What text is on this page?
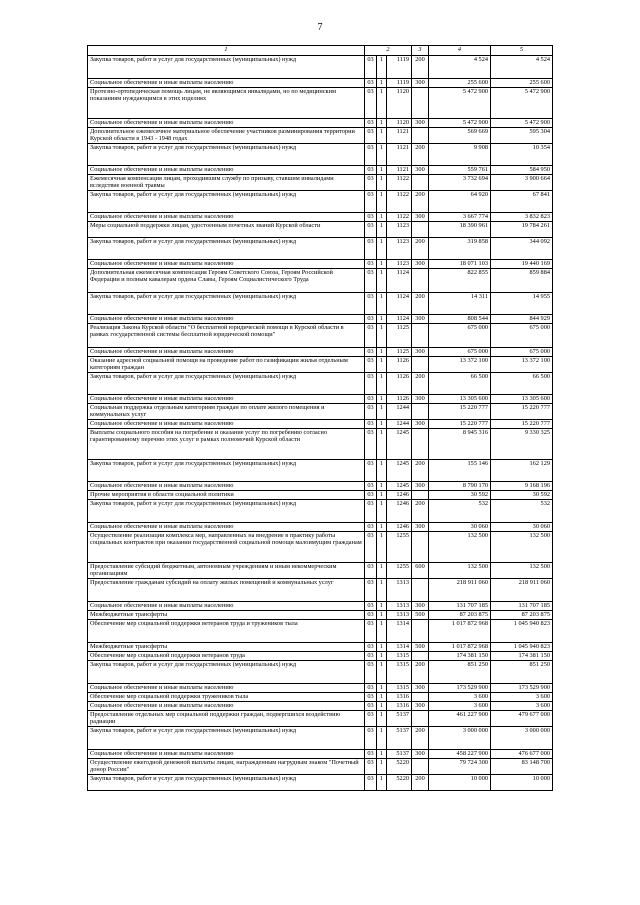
7
1	2			3	4	5
Закупка товаров, работ и услуг для государственных (муниципальных) нужд	03	1	1119	200	4 524	4 524
Социальное обеспечение и иные выплаты населению	03	1	1119	300	255 600	255 600
Протезно-ортопедическая помощь лицам, не являющимся инвалидами, но по медицинским показаниям нуждающимся в этих изделиях	03	1	1120		5 472 900	5 472 900
Социальное обеспечение и иные выплаты населению	03	1	1120	300	5 472 900	5 472 900
Дополнительное ежемесячное материальное обеспечение участников разминирования территории Курской области в 1943 - 1948 годах	03	1	1121		569 669	595 304
Закупка товаров, работ и услуг для государственных (муниципальных) нужд	03	1	1121	200	9 908	10 354
Социальное обеспечение и иные выплаты населению	03	1	1121	300	559 761	584 950
Ежемесячная компенсация лицам, проходившим службу по призыву, ставшим инвалидами вследствие военной травмы	03	1	1122		3 732 694	3 900 664
Закупка товаров, работ и услуг для государственных (муниципальных) нужд	03	1	1122	200	64 920	67 841
Социальное обеспечение и иные выплаты населению	03	1	1122	300	3 667 774	3 832 823
Меры социальной поддержки лицам, удостоенным почетных званий Курской области	03	1	1123		18 390 961	19 784 261
Закупка товаров, работ и услуг для государственных (муниципальных) нужд	03	1	1123	200	319 858	344 092
Социальное обеспечение и иные выплаты населению	03	1	1123	300	18 071 103	19 440 169
Дополнительная ежемесячная компенсация Героям Советского Союза, Героям Российской Федерации и полным кавалерам ордена Славы, Героям Социалистического Труда	03	1	1124		822 855	859 884
Закупка товаров, работ и услуг для государственных (муниципальных) нужд	03	1	1124	200	14 311	14 955
Социальное обеспечение и иные выплаты населению	03	1	1124	300	808 544	844 929
Реализация Закона Курской области "О бесплатной юридической помощи в Курской области в рамках государственной системы бесплатной юридической помощи"	03	1	1125		675 000	675 000
Социальное обеспечение и иные выплаты населению	03	1	1125	300	675 000	675 000
Оказание адресной социальной помощи на проведение работ по газификации жилья отдельным категориям граждан	03	1	1126		13 372 100	13 372 100
Закупка товаров, работ и услуг для государственных (муниципальных) нужд	03	1	1126	200	66 500	66 500
Социальное обеспечение и иные выплаты населению	03	1	1126	300	13 305 600	13 305 600
Социальная поддержка отдельным категориям граждан по оплате жилого помещения и коммунальных услуг	03	1	1244		15 220 777	15 220 777
Социальное обеспечение и иные выплаты населению	03	1	1244	300	15 220 777	15 220 777
Выплаты социального пособия на погребение и оказание услуг по погребению согласно гарантированному перечню этих услуг в рамках полномочий Курской области	03	1	1245		8 945 316	9 330 325
Закупка товаров, работ и услуг для государственных (муниципальных) нужд	03	1	1245	200	155 146	162 129
Социальное обеспечение и иные выплаты населению	03	1	1245	300	8 790 170	9 168 196
Прочие мероприятия в области социальной политики	03	1	1246		30 592	30 592
Закупка товаров, работ и услуг для государственных (муниципальных) нужд	03	1	1246	200	532	532
Социальное обеспечение и иные выплаты населению	03	1	1246	300	30 060	30 060
Осуществление реализации комплекса мер, направленных на внедрение в практику работы социальных контрактов при оказании государственной социальной помощи малоимущим гражданам	03	1	1255		132 500	132 500
Предоставление субсидий бюджетным, автономным учреждениям и иным некоммерческим организациям	03	1	1255	600	132 500	132 500
Предоставление гражданам субсидий на оплату жилых помещений и коммунальных услуг	03	1	1313		218 911 060	218 911 060
Социальное обеспечение и иные выплаты населению	03	1	1313	300	131 707 185	131 707 185
Межбюджетные трансферты	03	1	1313	500	87 203 875	87 203 875
Обеспечение мер социальной поддержки ветеранов труда и тружеников тыла	03	1	1314		1 017 872 968	1 045 940 823
Межбюджетные трансферты	03	1	1314	500	1 017 872 968	1 045 940 823
Обеспечение мер социальной поддержки ветеранов труда	03	1	1315		174 381 150	174 381 150
Закупка товаров, работ и услуг для государственных (муниципальных) нужд	03	1	1315	200	851 250	851 250
Социальное обеспечение и иные выплаты населению	03	1	1315	300	173 529 900	173 529 900
Обеспечение мер социальной поддержки тружеников тыла	03	1	1316		3 600	3 600
Социальное обеспечение и иные выплаты населению	03	1	1316	300	3 600	3 600
Предоставление отдельных мер социальной поддержки граждан, подвергшихся воздействию радиации	03	1	5137		461 227 900	479 677 000
Закупка товаров, работ и услуг для государственных (муниципальных) нужд	03	1	5137	200	3 000 000	3 000 000
Социальное обеспечение и иные выплаты населению	03	1	5137	300	458 227 900	476 677 000
Осуществление ежегодной денежной выплаты лицам, награжденным нагрудным знаком "Почетный донор России"	03	1	5220		79 724 300	83 148 700
Закупка товаров, работ и услуг для государственных (муниципальных) нужд	03	1	5220	200	10 000	10 000
